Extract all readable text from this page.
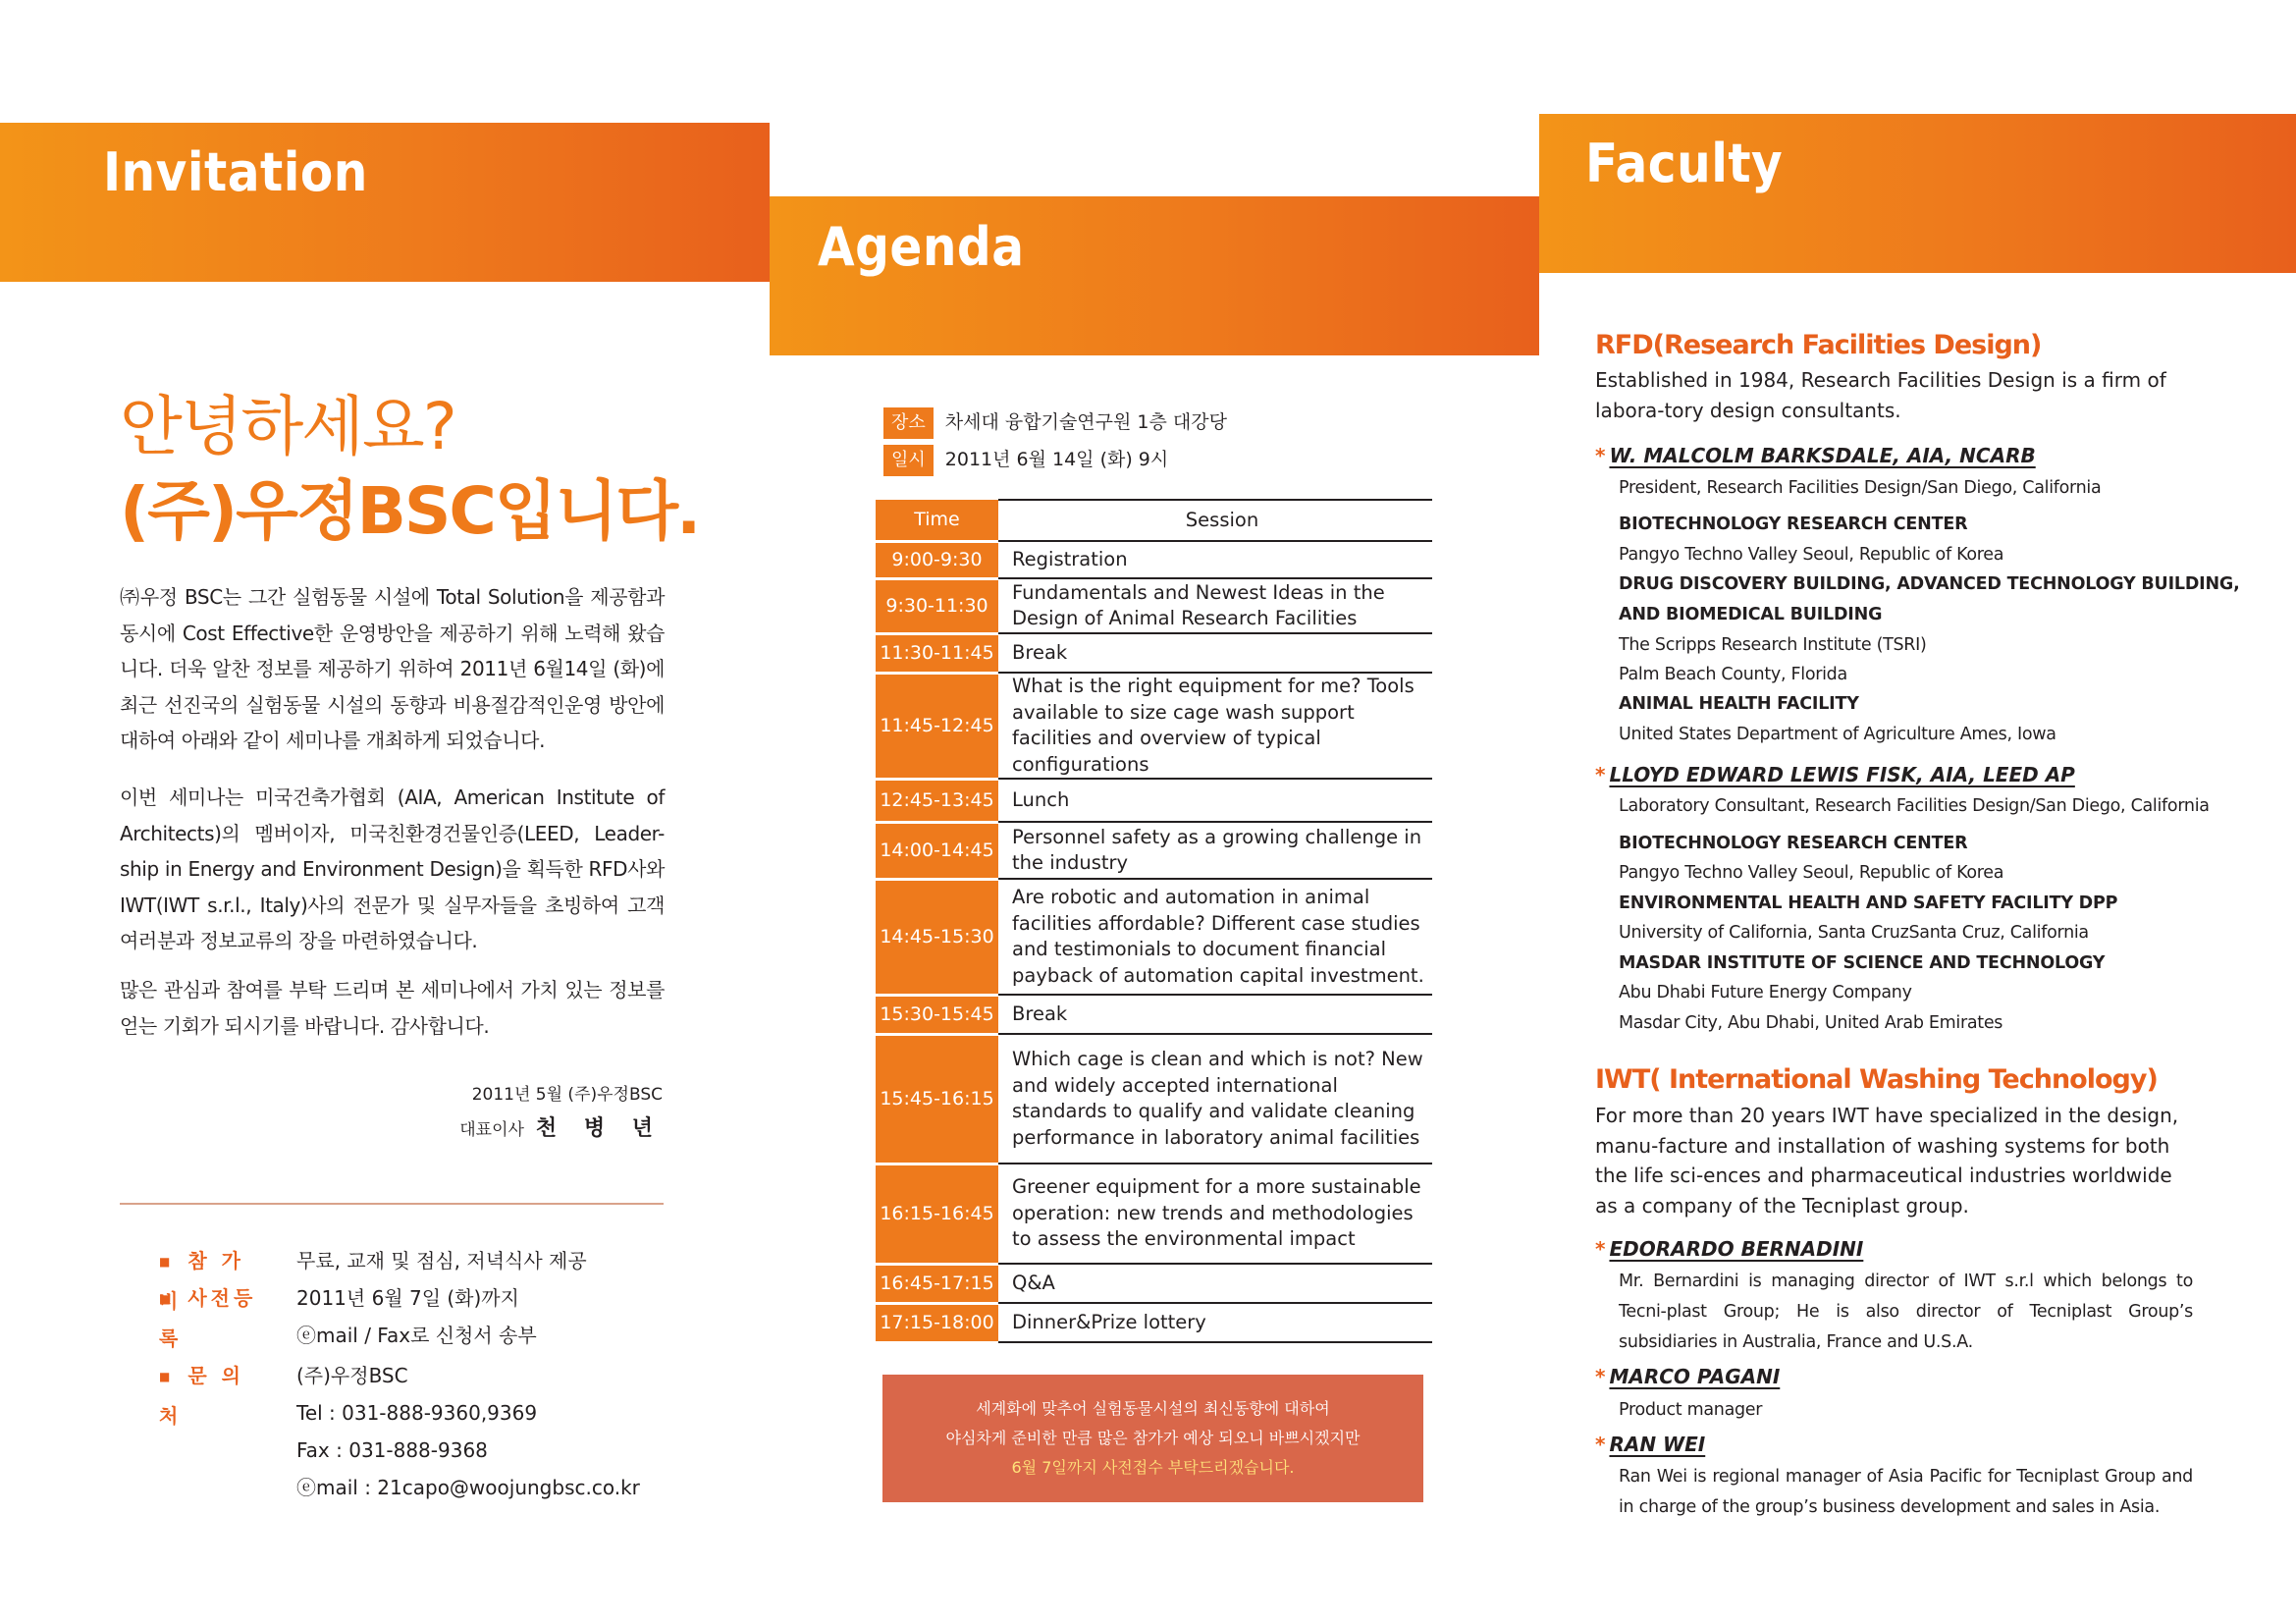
Invitation
Agenda
Faculty
안녕하세요?
(주)우정BSC입니다.
㈜우정 BSC는 그간 실험동물 시설에 Total Solution을 제공함과 동시에 Cost Effective한 운영방안을 제공하기 위해 노력해 왔습니다. 더욱 알찬 정보를 제공하기 위하여 2011년 6월14일 (화)에 최근 선진국의 실험동물 시설의 동향과 비용절감적인운영 방안에 대하여 아래와 같이 세미나를 개최하게 되었습니다.
이번 세미나는 미국건축가협회 (AIA, American Institute of Architects)의 멤버이자, 미국친환경건물인증(LEED, Leader-ship in Energy and Environment Design)을 획득한 RFD사와 IWT(IWT s.r.l., Italy)사의 전문가 및 실무자들을 초빙하여 고객 여러분과 정보교류의 장을 마련하였습니다.
많은 관심과 참여를 부탁 드리며 본 세미나에서 가치 있는 정보를 얻는 기회가 되시기를 바랍니다. 감사합니다.
2011년 5월 (주)우정BSC
대표이사 천 병 년
■ 참 가 비
무료, 교재 및 점심, 저녁식사 제공
■ 사전등록
2011년 6월 7일 (화)까지
ⓔmail / Fax로 신청서 송부
■ 문 의 처
(주)우정BSC
Tel : 031-888-9360,9369
Fax : 031-888-9368
ⓔmail : 21capo@woojungbsc.co.kr
장소 차세대 융합기술연구원 1층 대강당
일시 2011년 6월 14일 (화) 9시
Time	Session
9:00-9:30	Registration
9:30-11:30	Fundamentals and Newest Ideas in the Design of Animal Research Facilities
11:30-11:45	Break
11:45-12:45	What is the right equipment for me? Tools available to size cage wash support facilities and overview of typical configurations
12:45-13:45	Lunch
14:00-14:45	Personnel safety as a growing challenge in the industry
14:45-15:30	Are robotic and automation in animal facilities affordable? Different case studies and testimonials to document financial payback of automation capital investment.
15:30-15:45	Break
15:45-16:15	Which cage is clean and which is not? New and widely accepted international standards to qualify and validate cleaning performance in laboratory animal facilities
16:15-16:45	Greener equipment for a more sustainable operation: new trends and methodologies to assess the environmental impact
16:45-17:15	Q&A
17:15-18:00	Dinner&Prize lottery
세계화에 맞추어 실험동물시설의 최신동향에 대하여
야심차게 준비한 만큼 많은 참가가 예상 되오니 바쁘시겠지만
6월 7일까지 사전접수 부탁드리겠습니다.
RFD(Research Facilities Design)
Established in 1984, Research Facilities Design is a firm of labora-tory design consultants.
* W. MALCOLM BARKSDALE, AIA, NCARB
President, Research Facilities Design/San Diego, California
BIOTECHNOLOGY RESEARCH CENTER
Pangyo Techno Valley Seoul, Republic of Korea
DRUG DISCOVERY BUILDING, ADVANCED TECHNOLOGY BUILDING,
AND BIOMEDICAL BUILDING
The Scripps Research Institute (TSRI)
Palm Beach County, Florida
ANIMAL HEALTH FACILITY
United States Department of Agriculture Ames, Iowa
* LLOYD EDWARD LEWIS FISK, AIA, LEED AP
Laboratory Consultant, Research Facilities Design/San Diego, California
BIOTECHNOLOGY RESEARCH CENTER
Pangyo Techno Valley Seoul, Republic of Korea
ENVIRONMENTAL HEALTH AND SAFETY FACILITY DPP
University of California, Santa CruzSanta Cruz, California
MASDAR INSTITUTE OF SCIENCE AND TECHNOLOGY
Abu Dhabi Future Energy Company
Masdar City, Abu Dhabi, United Arab Emirates
IWT( International Washing Technology)
For more than 20 years IWT have specialized in the design, manu-facture and installation of washing systems for both the life sci-ences and pharmaceutical industries worldwide as a company of the Tecniplast group.
* EDORARDO BERNADINI
Mr. Bernardini is managing director of IWT s.r.l which belongs to Tecni-plast Group; He is also director of Tecniplast Group’s subsidiaries in Australia, France and U.S.A.
* MARCO PAGANI
Product manager
* RAN WEI
Ran Wei is regional manager of Asia Pacific for Tecniplast Group and in charge of the group’s business development and sales in Asia.
